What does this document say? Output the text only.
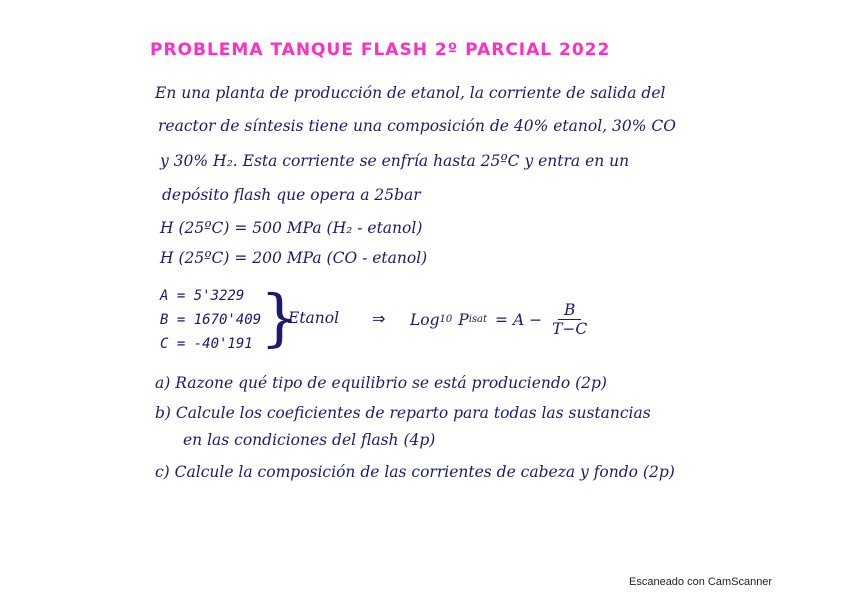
PROBLEMA TANQUE FLASH 2º PARCIAL 2022
En una planta de producción de etanol, la corriente de salida del
reactor de síntesis tiene una composición de 40% etanol, 30% CO
y 30% H₂. Esta corriente se enfría hasta 25ºC y entra en un
depósito flash que opera a 25bar
H (25ºC) = 500 MPa (H₂ - etanol)
H (25ºC) = 200 MPa (CO - etanol)
A = 5'3229
B = 1670'409
C = -40'191 }
Etanol ⇒ Log 10 P i sat = $A - \frac{B}{T-C}$
a) Razone qué tipo de equilibrio se está produciendo (2p)
b) Calcule los coeficientes de reparto para todas las sustancias
en las condiciones del flash (4p)
c) Calcule la composición de las corrientes de cabeza y fondo (2p)
Escaneado con CamScanner
